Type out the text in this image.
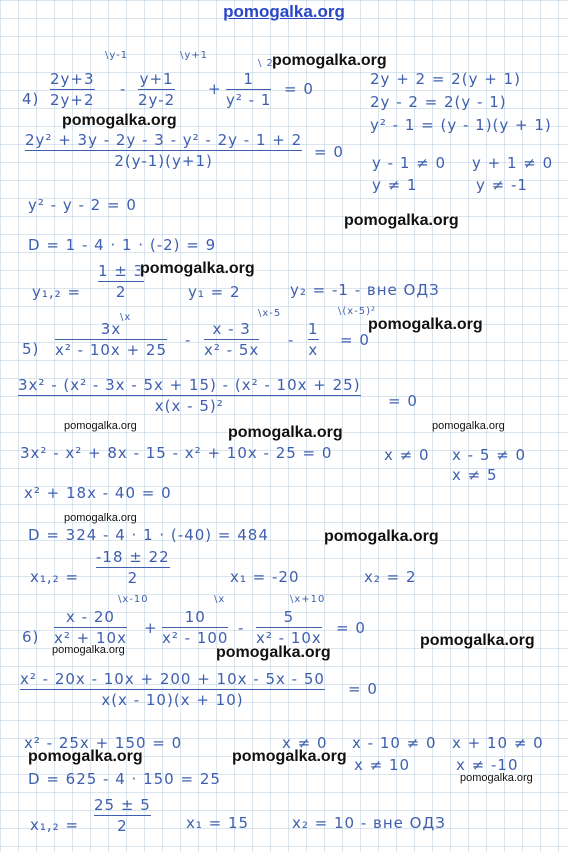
pomogalka.org
4)
\y-1	\y+1
\ 2
2y+3
2y+2
-
y+1
2y-2
+
1
y² - 1
= 0
2y² + 3y - 2y - 3 - y² - 2y - 1 + 2
2(y-1)(y+1)	= 0
2y + 2 = 2(y + 1)
2y - 2 = 2(y - 1)
y² - 1 = (y - 1)(y + 1)
y - 1 ≠ 0 y + 1 ≠ 0
y ≠ 1	y ≠ -1
y² - y - 2 = 0
D = 1 - 4 · 1 · (-2) = 9
y₁,₂ =
1 ± 3
2	y₁ = 2	y₂ = -1 - вне ОДЗ
5)
\x	\x-5	\(x-5)²
3x
x² - 10x + 25
-
x - 3
x² - 5x
-
1
x
= 0
3x² - (x² - 3x - 5x + 15) - (x² - 10x + 25)
x(x - 5)²	= 0
3x² - x² + 8x - 15 - x² + 10x - 25 = 0	x ≠ 0 x - 5 ≠ 0
x ≠ 5
x² + 18x - 40 = 0
D = 324 - 4 · 1 · (-40) = 484
x₁,₂ =
-18 ± 22
2	x₁ = -20	x₂ = 2
6)
\x-10	\x	\x+10
x - 20
x² + 10x
+
10
x² - 100
-
5
x² - 10x
= 0
x² - 20x - 10x + 200 + 10x - 5x - 50
x(x - 10)(x + 10)
= 0
x² - 25x + 150 = 0	x ≠ 0 x - 10 ≠ 0 x + 10 ≠ 0
x ≠ 10	x ≠ -10
D = 625 - 4 · 150 = 25
x₁,₂ =
25 ± 5
2	x₁ = 15	x₂ = 10 - вне ОДЗ
pomogalka.org
pomogalka.org
pomogalka.org
pomogalka.org
pomogalka.org
pomogalka.org	pomogalka.org	pomogalka.org
pomogalka.org
pomogalka.org
pomogalka.org
pomogalka.org	pomogalka.org
pomogalka.org	pomogalka.org
pomogalka.org
